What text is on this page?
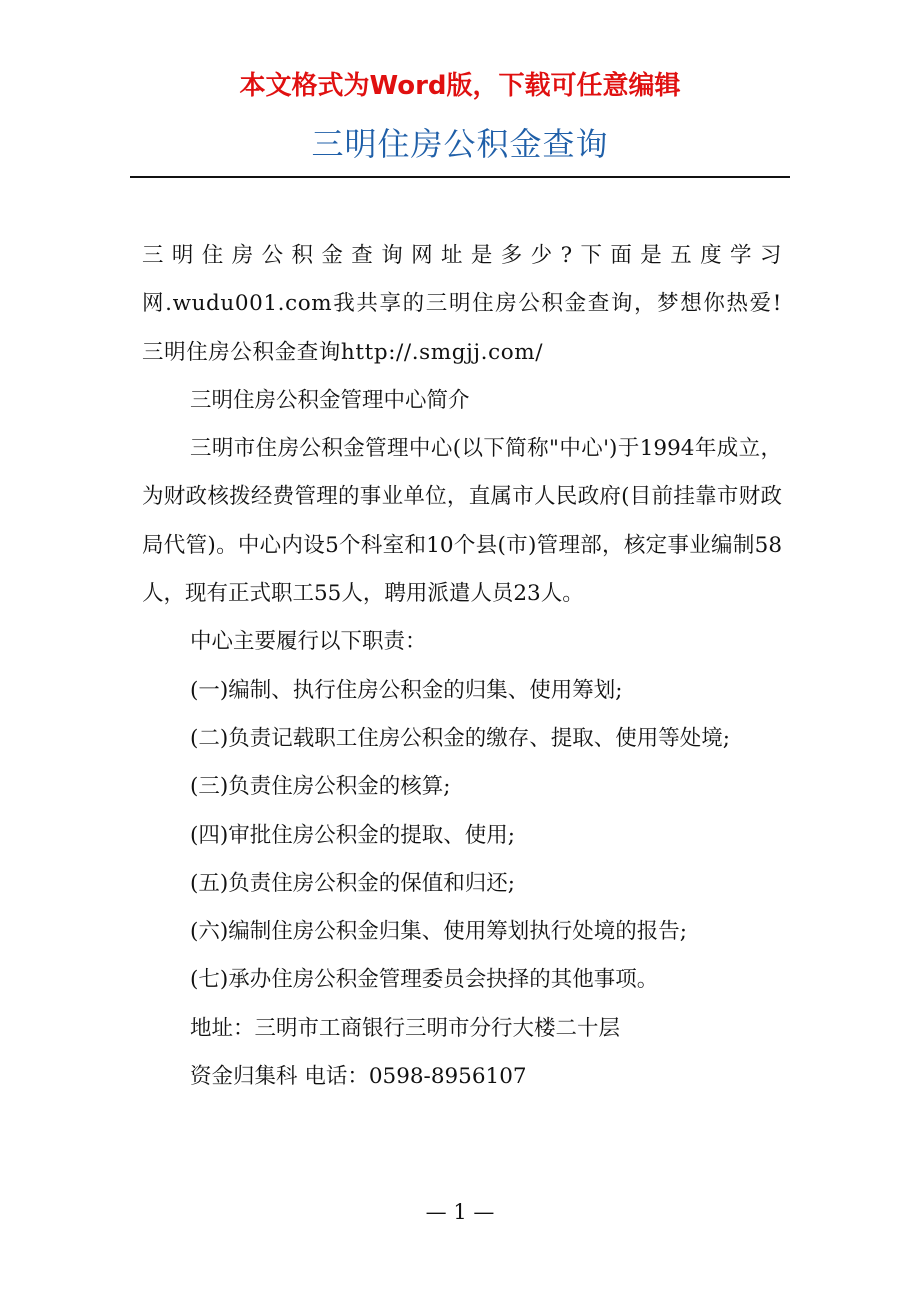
本文格式为Word版，下载可任意编辑
三明住房公积金查询

三明住房公积金查询网址是多少?下面是五度学习网.wudu001.com我共享的三明住房公积金查询，梦想你热爱!三明住房公积金查询http://.smgjj.com/

三明住房公积金管理中心简介

三明市住房公积金管理中心(以下简称"中心')于1994年成立，为财政核拨经费管理的事业单位，直属市人民政府(目前挂靠市财政局代管)。中心内设5个科室和10个县(市)管理部，核定事业编制58人，现有正式职工55人，聘用派遣人员23人。

中心主要履行以下职责：

(一)编制、执行住房公积金的归集、使用筹划;

(二)负责记载职工住房公积金的缴存、提取、使用等处境;

(三)负责住房公积金的核算;

(四)审批住房公积金的提取、使用;

(五)负责住房公积金的保值和归还;

(六)编制住房公积金归集、使用筹划执行处境的报告;

(七)承办住房公积金管理委员会抉择的其他事项。

地址：三明市工商银行三明市分行大楼二十层

资金归集科 电话：0598-8956107

— 1 —
